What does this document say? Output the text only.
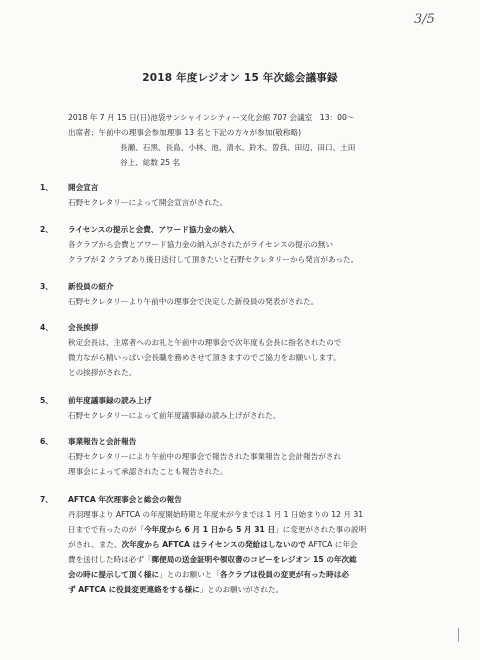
3/5
2018 年度レジオン 15 年次総会議事録
2018 年 7 月 15 日(日)池袋サンシャインシティー文化会館 707 会議室　13：00～
出席者；午前中の理事会参加理事 13 名と下記の方々が参加(敬称略)
長瀬、石黒、長島、小林、池、清水、鈴木、曽我、田辺、田口、土田
谷上、総数 25 名
1、	開会宣言
石野セクレタリーによって開会宣言がされた。
2、	ライセンスの提示と会費、アワード協力金の納入
各クラブから会費とアワード協力金の納入がされたがライセンスの提示の無い
クラブが 2 クラブあり後日送付して頂きたいと石野セクレタリーから発言があった。
3、	新役員の紹介
石野セクレタリーより午前中の理事会で決定した新役員の発表がされた。
4、	会長挨拶
秋定会長は、主席者へのお礼と午前中の理事会で次年度も会長に指名されたので
微力ながら精いっぱい会長職を務めさせて頂きますのでご協力をお願いします。
との挨拶がされた。
5、	前年度議事録の読み上げ
石野セクレタリーによって前年度議事録の読み上げがされた。
6、	事業報告と会計報告
石野セクレタリーにより午前中の理事会で報告された事業報告と会計報告がされ
理事会によって承認されたことも報告された。
7、	AFTCA 年次理事会と総会の報告
丹羽理事より AFTCA の年度開始時期と年度末が今までは 1 月 1 日始まりの 12 月 31
日までで有ったのが「今年度から 6 月 1 日から 5 月 31 日」に変更がされた事の説明
がされ、また、次年度から AFTCA はライセンスの発給はしないので AFTCA に年会
費を送付した時は必ず「郵便局の送金証明や領収書のコピーをレジオン 15 の年次総
会の時に提示して頂く様に」とのお願いと「各クラブは役員の変更が有った時は必
ず AFTCA に役員変更連絡をする様に」とのお願いがされた。
